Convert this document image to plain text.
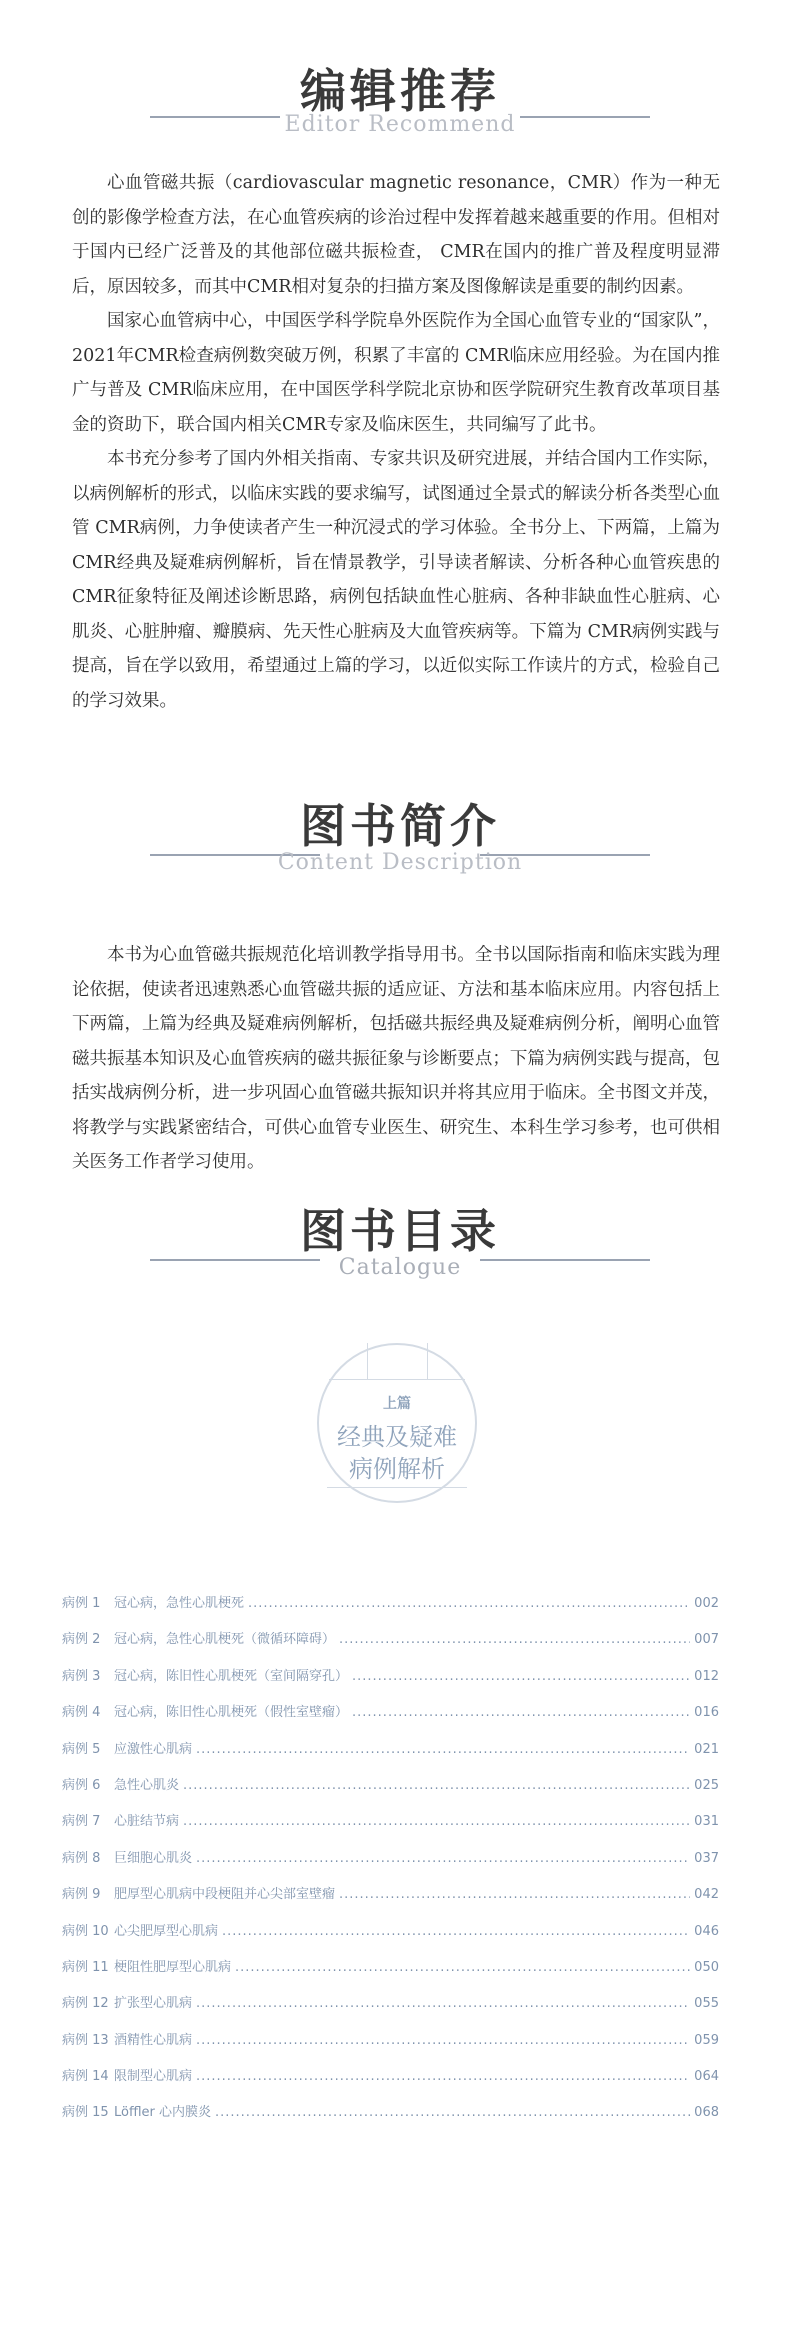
编辑推荐
Editor Recommend

心血管磁共振（cardiovascular magnetic resonance，CMR）作为一种无创的影像学检查方法，在心血管疾病的诊治过程中发挥着越来越重要的作用。但相对于国内已经广泛普及的其他部位磁共振检查， CMR在国内的推广普及程度明显滞后，原因较多，而其中CMR相对复杂的扫描方案及图像解读是重要的制约因素。

国家心血管病中心，中国医学科学院阜外医院作为全国心血管专业的“国家队”，2021年CMR检查病例数突破万例，积累了丰富的 CMR临床应用经验。为在国内推广与普及 CMR临床应用，在中国医学科学院北京协和医学院研究生教育改革项目基金的资助下，联合国内相关CMR专家及临床医生，共同编写了此书。

本书充分参考了国内外相关指南、专家共识及研究进展，并结合国内工作实际，以病例解析的形式，以临床实践的要求编写，试图通过全景式的解读分析各类型心血管 CMR病例，力争使读者产生一种沉浸式的学习体验。全书分上、下两篇，上篇为 CMR经典及疑难病例解析，旨在情景教学，引导读者解读、分析各种心血管疾患的 CMR征象特征及阐述诊断思路，病例包括缺血性心脏病、各种非缺血性心脏病、心肌炎、心脏肿瘤、瓣膜病、先天性心脏病及大血管疾病等。下篇为 CMR病例实践与提高，旨在学以致用，希望通过上篇的学习，以近似实际工作读片的方式，检验自己的学习效果。

图书简介
Content Description

本书为心血管磁共振规范化培训教学指导用书。全书以国际指南和临床实践为理论依据，使读者迅速熟悉心血管磁共振的适应证、方法和基本临床应用。内容包括上下两篇，上篇为经典及疑难病例解析，包括磁共振经典及疑难病例分析，阐明心血管磁共振基本知识及心血管疾病的磁共振征象与诊断要点；下篇为病例实践与提高，包括实战病例分析，进一步巩固心血管磁共振知识并将其应用于临床。全书图文并茂，将教学与实践紧密结合，可供心血管专业医生、研究生、本科生学习参考，也可供相关医务工作者学习使用。

图书目录
Catalogue
上篇
经典及疑难
病例解析
病例 1	冠心病，急性心肌梗死 .....	002
病例 2	冠心病，急性心肌梗死（微循环障碍） .....	007
病例 3	冠心病，陈旧性心肌梗死（室间隔穿孔） .....	012
病例 4	冠心病，陈旧性心肌梗死（假性室壁瘤） .....	016
病例 5	应激性心肌病 .....	021
病例 6	急性心肌炎 .....	025
病例 7	心脏结节病 .....	031
病例 8	巨细胞心肌炎 .....	037
病例 9	肥厚型心肌病中段梗阻并心尖部室壁瘤 .....	042
病例 10 心尖肥厚型心肌病 .....	046
病例 11 梗阻性肥厚型心肌病 .....	050
病例 12 扩张型心肌病 .....	055
病例 13 酒精性心肌病 .....	059
病例 14 限制型心肌病 .....	064
病例 15 Löffler 心内膜炎 .....	068
